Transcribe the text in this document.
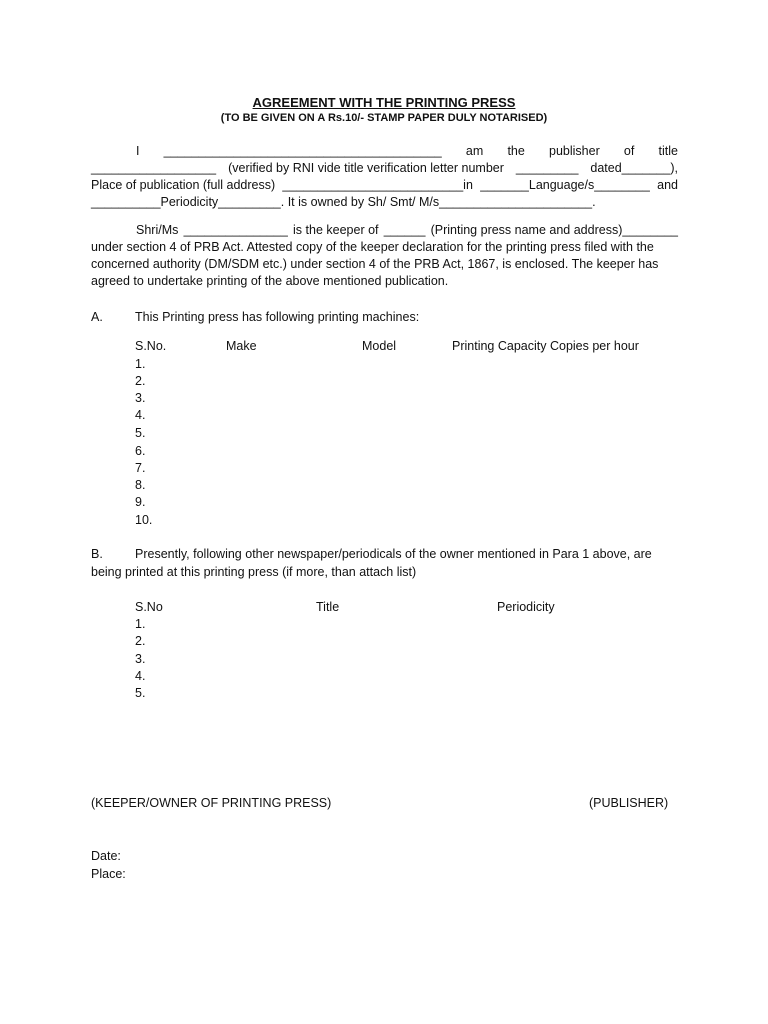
AGREEMENT WITH THE PRINTING PRESS
(TO BE GIVEN ON A Rs.10/- STAMP PAPER DULY NOTARISED)
I ________________________________________ am the publisher of title
__________________ (verified by RNI vide title verification letter number _________ dated_______),
Place of publication (full address) __________________________in _______Language/s________ and
__________Periodicity_________. It is owned by Sh/ Smt/ M/s______________________.
Shri/Ms _______________ is the keeper of ______ (Printing press name and address)________
under section 4 of PRB Act. Attested copy of the keeper declaration for the printing press filed with the
concerned authority (DM/SDM etc.) under section 4 of the PRB Act, 1867, is enclosed. The keeper has
agreed to undertake printing of the above mentioned publication.
A.	This Printing press has following printing machines:
S.No.	Make	Model	Printing Capacity Copies per hour
1.
2.
3.
4.
5.
6.
7.
8.
9.
10.
B.	Presently, following other newspaper/periodicals of the owner mentioned in Para 1 above, are
being printed at this printing press (if more, than attach list)
S.No	Title	Periodicity
1.
2.
3.
4.
5.
(KEEPER/OWNER OF PRINTING PRESS)	(PUBLISHER)
Date:
Place:
